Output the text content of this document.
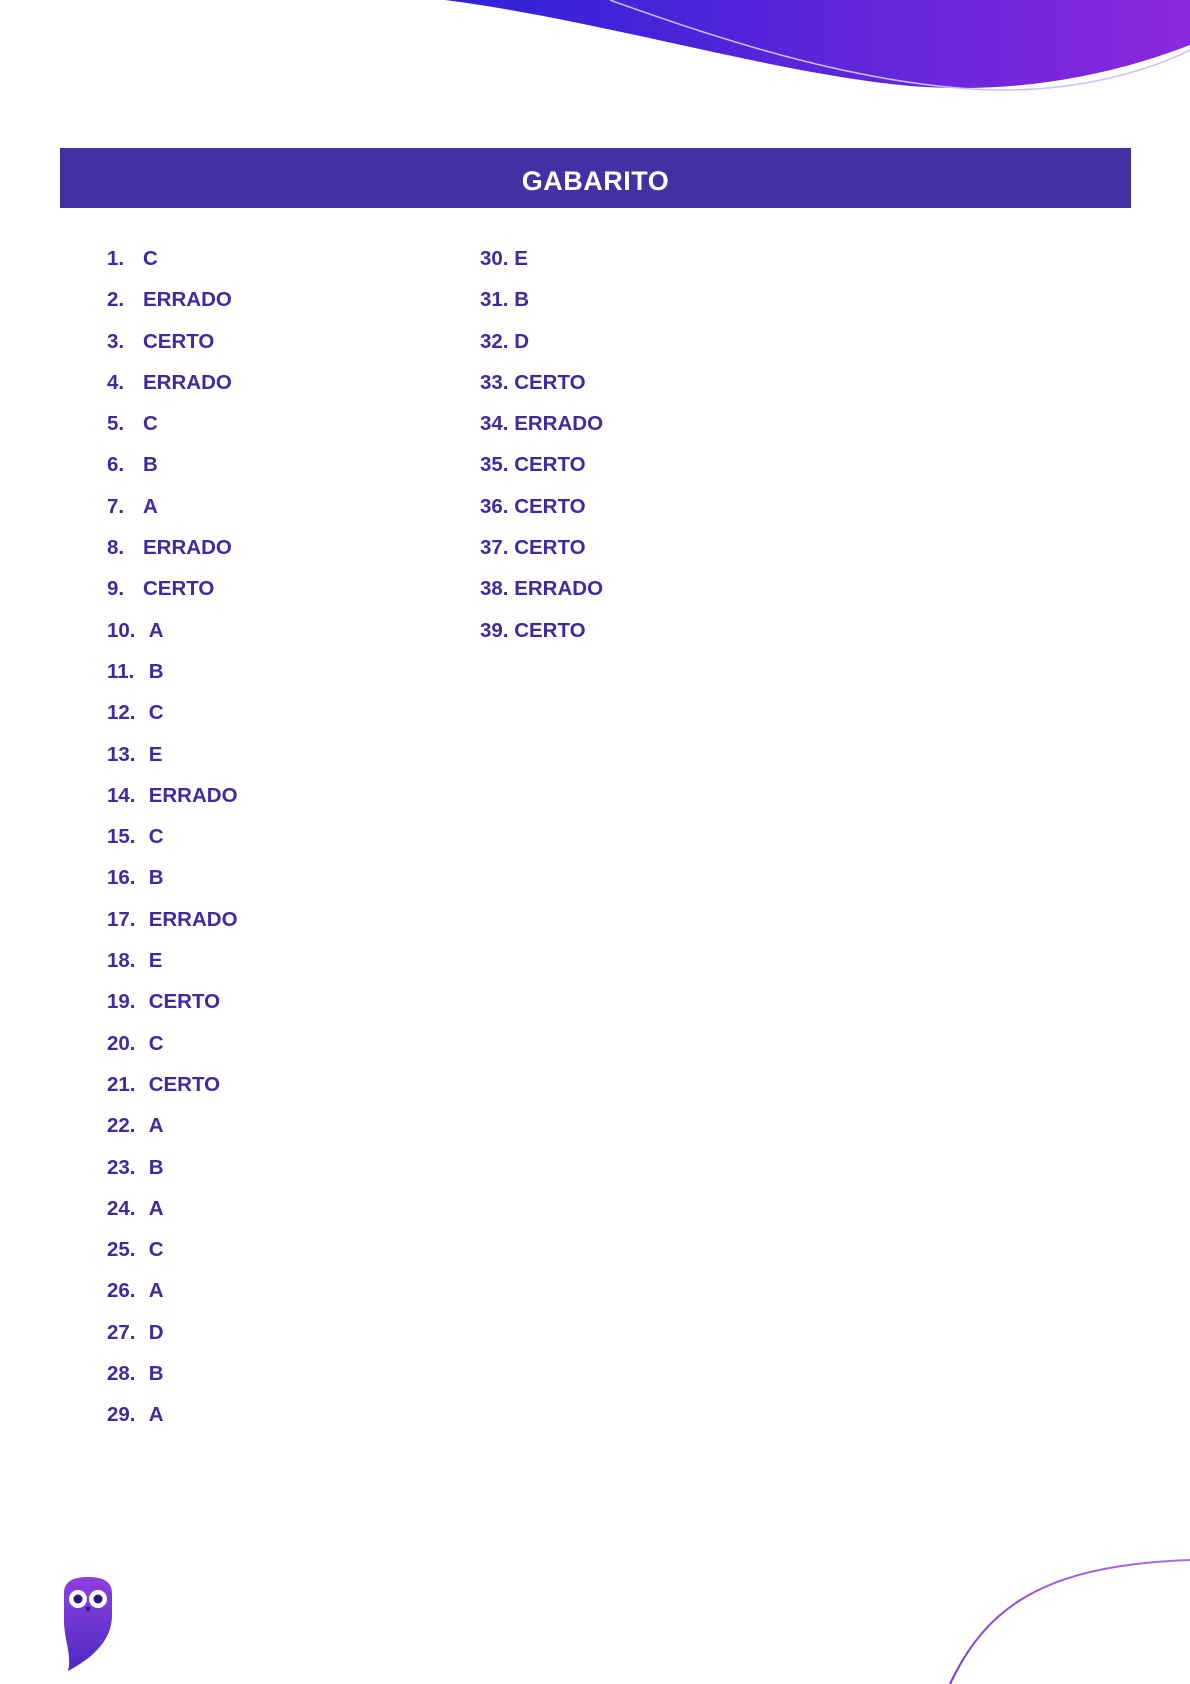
gabarito
1. C
2. ERRADO
3. CERTO
4. ERRADO
5. C
6. B
7. A
8. ERRADO
9. CERTO
10.
A
11.
B
12.
C
13.
E
14.
ERRADO
15.
C
16.
B
17.
ERRADO
18.
E
19.
CERTO
20.
C
21.
CERTO
22.
A
23.
B
24.
A
25.
C
26.
A
27.
D
28.
B
29.
A
30.
E
31.
B
32.
D
33.
CERTO
34.
ERRADO
35.
CERTO
36.
CERTO
37.
CERTO
38.
ERRADO
39.
CERTO
